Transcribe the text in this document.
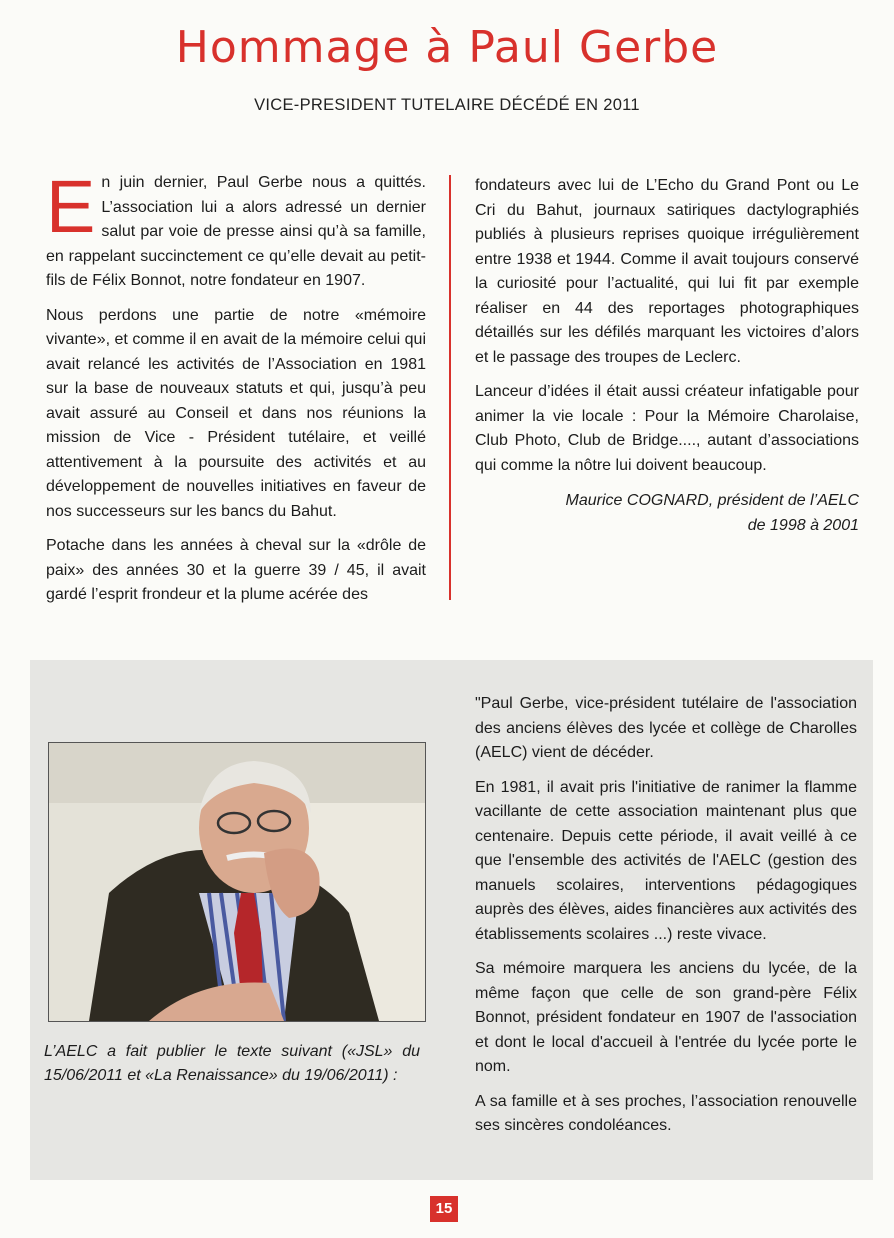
Hommage à Paul Gerbe
VICE-PRESIDENT TUTELAIRE DÉCÉDÉ EN 2011

En juin dernier, Paul Gerbe nous a quittés. L’association lui a alors adressé un dernier salut par voie de presse ainsi qu’à sa famille, en rappelant succinctement ce qu’elle devait au petit-fils de Félix Bonnot, notre fondateur en 1907.

Nous perdons une partie de notre «mémoire vivante», et comme il en avait de la mémoire celui qui avait relancé les activités de l’Association en 1981 sur la base de nouveaux statuts et qui, jusqu’à peu avait assuré au Conseil et dans nos réunions la mission de Vice - Président tutélaire, et veillé attentivement à la poursuite des activités et au développement de nouvelles initiatives en faveur de nos successeurs sur les bancs du Bahut.

Potache dans les années à cheval sur la «drôle de paix» des années 30 et la guerre 39 / 45, il avait gardé l’esprit frondeur et la plume acérée des

fondateurs avec lui de L’Echo du Grand Pont ou Le Cri du Bahut, journaux satiriques dactylographiés publiés à plusieurs reprises quoique irrégulièrement entre 1938 et 1944. Comme il avait toujours conservé la curiosité pour l’actualité, qui lui fit par exemple réaliser en 44 des reportages photographiques détaillés sur les défilés marquant les victoires d’alors et le passage des troupes de Leclerc.

Lanceur d’idées il était aussi créateur infatigable pour animer la vie locale : Pour la Mémoire Charolaise, Club Photo, Club de Bridge...., autant d’associations qui comme la nôtre lui doivent beaucoup.

Maurice COGNARD, président de l’AELC
de 1998 à 2001
L’AELC a fait publier le texte suivant («JSL» du 15/06/2011 et «La Renaissance» du 19/06/2011) :

"Paul Gerbe, vice-président tutélaire de l'association des anciens élèves des lycée et collège de Charolles (AELC) vient de décéder.

En 1981, il avait pris l'initiative de ranimer la flamme vacillante de cette association maintenant plus que centenaire. Depuis cette période, il avait veillé à ce que l'ensemble des activités de l'AELC (gestion des manuels scolaires, interventions pédagogiques auprès des élèves, aides financières aux activités des établissements scolaires ...) reste vivace.

Sa mémoire marquera les anciens du lycée, de la même façon que celle de son grand-père Félix Bonnot, président fondateur en 1907 de l'association et dont le local d'accueil à l'entrée du lycée porte le nom.

A sa famille et à ses proches, l’association renouvelle ses sincères condoléances.

15
